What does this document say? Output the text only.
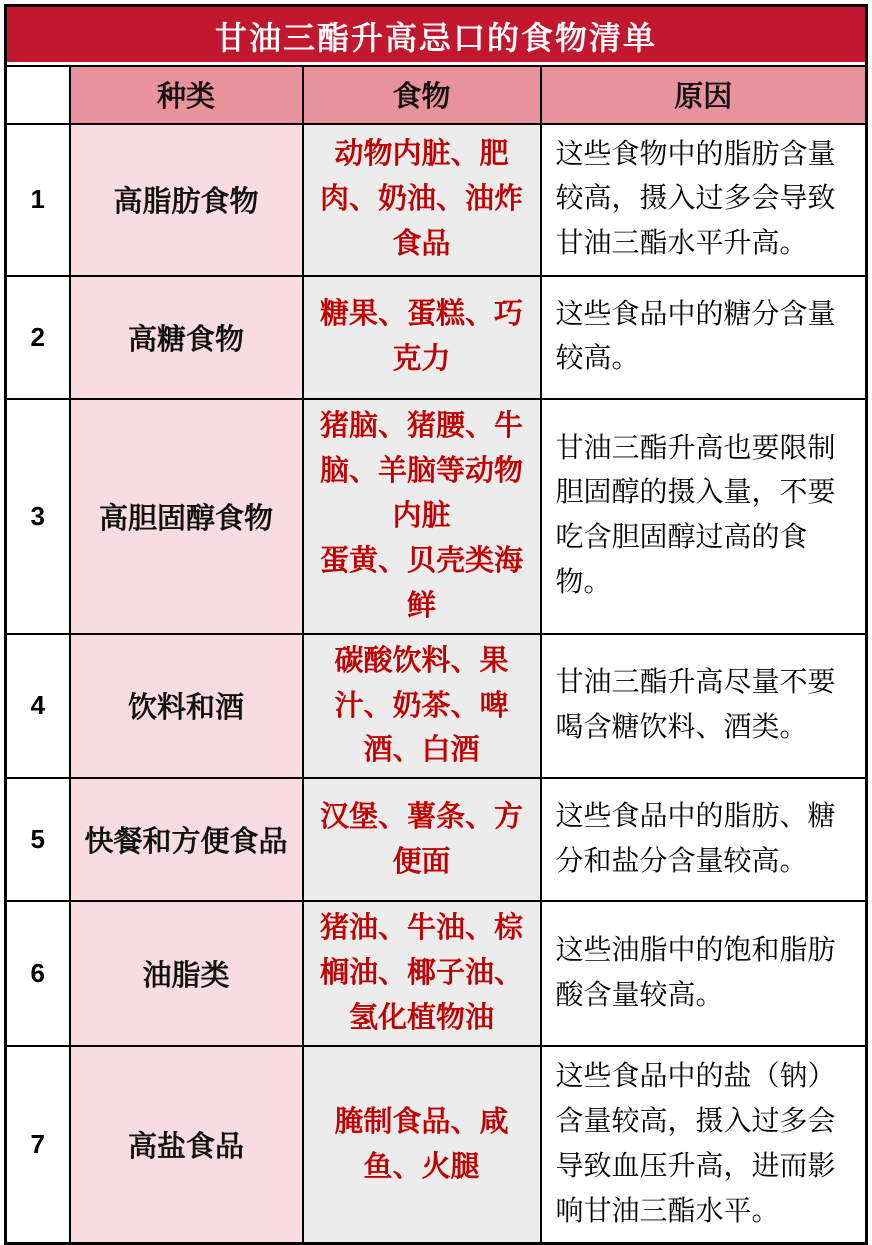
甘油三酯升高忌口的食物清单			
	种类	食物	原因
1	高脂肪食物	动物内脏、肥肉、奶油、油炸食品	这些食物中的脂肪含量较高，摄入过多会导致甘油三酯水平升高。
2	高糖食物	糖果、蛋糕、巧克力	这些食品中的糖分含量较高。
3	高胆固醇食物	猪脑、猪腰、牛脑、羊脑等动物内脏
蛋黄、贝壳类海鲜	甘油三酯升高也要限制胆固醇的摄入量，不要吃含胆固醇过高的食物。
4	饮料和酒	碳酸饮料、果汁、奶茶、啤酒、白酒	甘油三酯升高尽量不要喝含糖饮料、酒类。
5	快餐和方便食品	汉堡、薯条、方便面	这些食品中的脂肪、糖分和盐分含量较高。
6	油脂类	猪油、牛油、棕榈油、椰子油、氢化植物油	这些油脂中的饱和脂肪酸含量较高。
7	高盐食品	腌制食品、咸鱼、火腿	这些食品中的盐（钠）含量较高，摄入过多会导致血压升高，进而影响甘油三酯水平。
